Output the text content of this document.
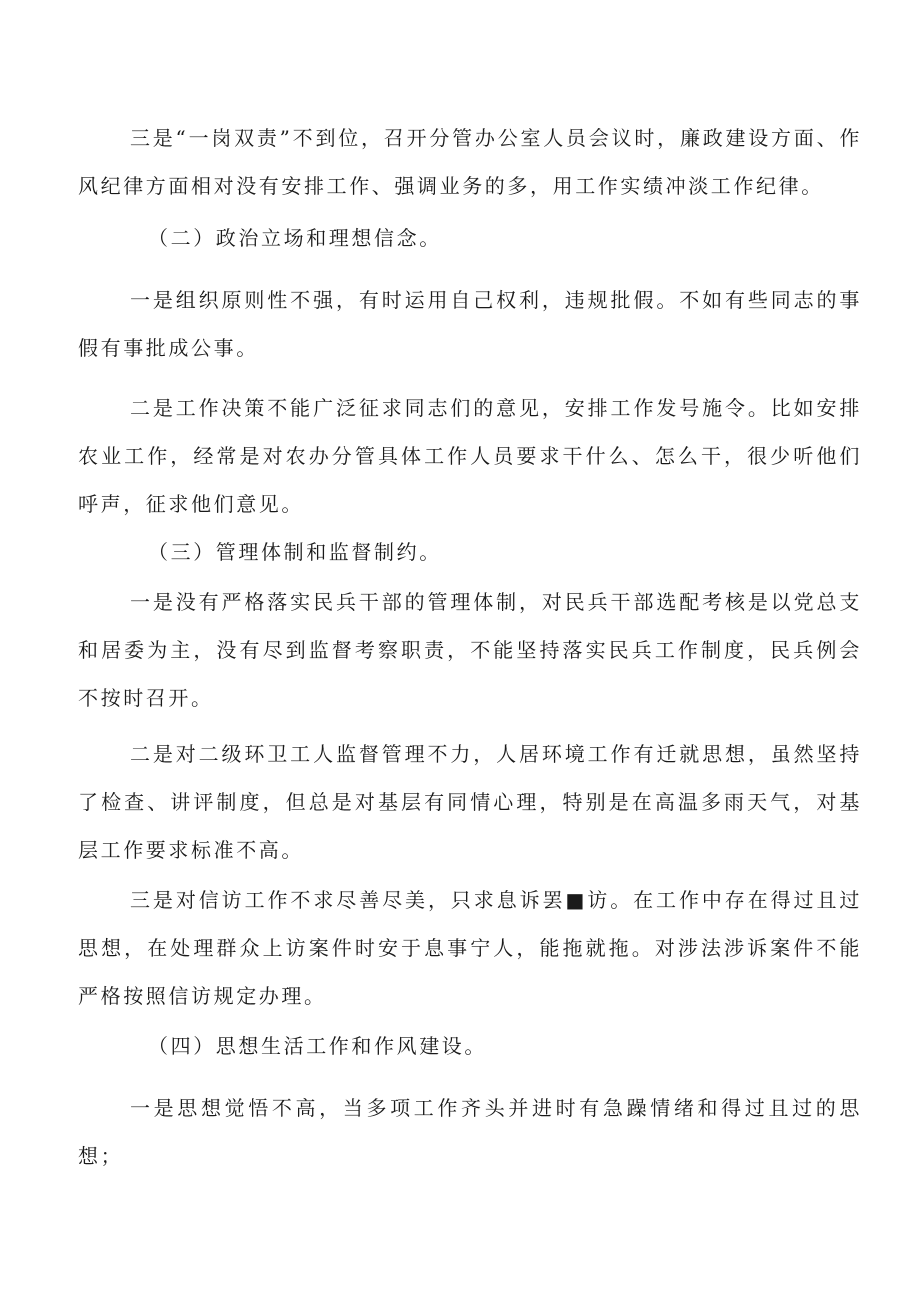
三是“一岗双责”不到位，召开分管办公室人员会议时，廉政建设方面、作风纪律方面相对没有安排工作、强调业务的多，用工作实绩冲淡工作纪律。

（二）政治立场和理想信念。

一是组织原则性不强，有时运用自己权利，违规批假。不如有些同志的事假有事批成公事。

二是工作决策不能广泛征求同志们的意见，安排工作发号施令。比如安排农业工作，经常是对农办分管具体工作人员要求干什么、怎么干，很少听他们呼声，征求他们意见。

（三）管理体制和监督制约。

一是没有严格落实民兵干部的管理体制，对民兵干部选配考核是以党总支和居委为主，没有尽到监督考察职责，不能坚持落实民兵工作制度，民兵例会不按时召开。

二是对二级环卫工人监督管理不力，人居环境工作有迁就思想，虽然坚持了检查、讲评制度，但总是对基层有同情心理，特别是在高温多雨天气，对基层工作要求标准不高。

三是对信访工作不求尽善尽美，只求息诉罢■访。在工作中存在得过且过思想，在处理群众上访案件时安于息事宁人，能拖就拖。对涉法涉诉案件不能严格按照信访规定办理。

（四）思想生活工作和作风建设。

一是思想觉悟不高，当多项工作齐头并进时有急躁情绪和得过且过的思想；
